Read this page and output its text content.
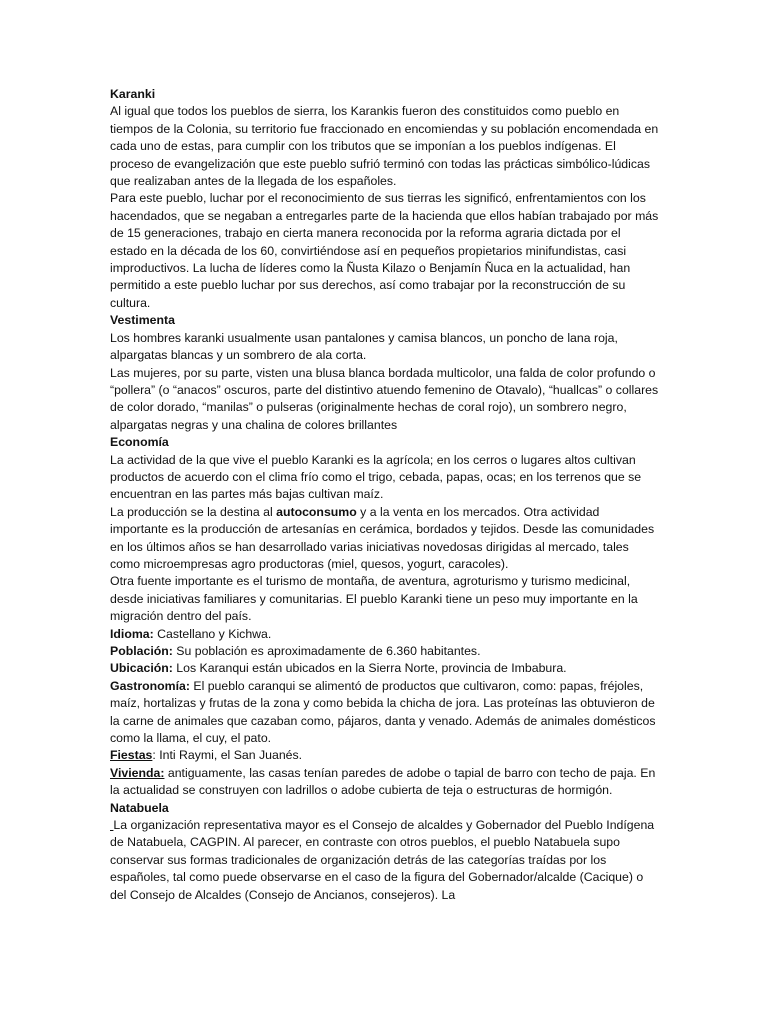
Karanki

Al igual que todos los pueblos de sierra, los Karankis fueron des constituidos como pueblo en tiempos de la Colonia, su territorio fue fraccionado en encomiendas y su población encomendada en cada uno de estas, para cumplir con los tributos que se imponían a los pueblos indígenas. El proceso de evangelización que este pueblo sufrió terminó con todas las prácticas simbólico-lúdicas que realizaban antes de la llegada de los españoles.

Para este pueblo, luchar por el reconocimiento de sus tierras les significó, enfrentamientos con los hacendados, que se negaban a entregarles parte de la hacienda que ellos habían trabajado por más de 15 generaciones, trabajo en cierta manera reconocida por la reforma agraria dictada por el estado en la década de los 60, convirtiéndose así en pequeños propietarios minifundistas, casi improductivos. La lucha de líderes como la Ñusta Kilazo o Benjamín Ñuca en la actualidad, han permitido a este pueblo luchar por sus derechos, así como trabajar por la reconstrucción de su cultura.

Vestimenta

Los hombres karanki usualmente usan pantalones y camisa blancos, un poncho de lana roja, alpargatas blancas y un sombrero de ala corta.

Las mujeres, por su parte, visten una blusa blanca bordada multicolor, una falda de color profundo o “pollera” (o “anacos” oscuros, parte del distintivo atuendo femenino de Otavalo), “huallcas” o collares de color dorado, “manilas” o pulseras (originalmente hechas de coral rojo), un sombrero negro, alpargatas negras y una chalina de colores brillantes

Economía

La actividad de la que vive el pueblo Karanki es la agrícola; en los cerros o lugares altos cultivan productos de acuerdo con el clima frío como el trigo, cebada, papas, ocas; en los terrenos que se encuentran en las partes más bajas cultivan maíz.

La producción se la destina al autoconsumo y a la venta en los mercados. Otra actividad importante es la producción de artesanías en cerámica, bordados y tejidos. Desde las comunidades en los últimos años se han desarrollado varias iniciativas novedosas dirigidas al mercado, tales como microempresas agro productoras (miel, quesos, yogurt, caracoles).

Otra fuente importante es el turismo de montaña, de aventura, agroturismo y turismo medicinal, desde iniciativas familiares y comunitarias. El pueblo Karanki tiene un peso muy importante en la migración dentro del país.

Idioma: Castellano y Kichwa.

Población: Su población es aproximadamente de 6.360 habitantes.

Ubicación: Los Karanqui están ubicados en la Sierra Norte, provincia de Imbabura.

Gastronomía: El pueblo caranqui se alimentó de productos que cultivaron, como: papas, fréjoles, maíz, hortalizas y frutas de la zona y como bebida la chicha de jora. Las proteínas las obtuvieron de la carne de animales que cazaban como, pájaros, danta y venado. Además de animales domésticos como la llama, el cuy, el pato.

Fiestas: Inti Raymi, el San Juanés.

Vivienda: antiguamente, las casas tenían paredes de adobe o tapial de barro con techo de paja. En la actualidad se construyen con ladrillos o adobe cubierta de teja o estructuras de hormigón.

Natabuela

La organización representativa mayor es el Consejo de alcaldes y Gobernador del Pueblo Indígena de Natabuela, CAGPIN. Al parecer, en contraste con otros pueblos, el pueblo Natabuela supo conservar sus formas tradicionales de organización detrás de las categorías traídas por los españoles, tal como puede observarse en el caso de la figura del Gobernador/alcalde (Cacique) o del Consejo de Alcaldes (Consejo de Ancianos, consejeros). La
